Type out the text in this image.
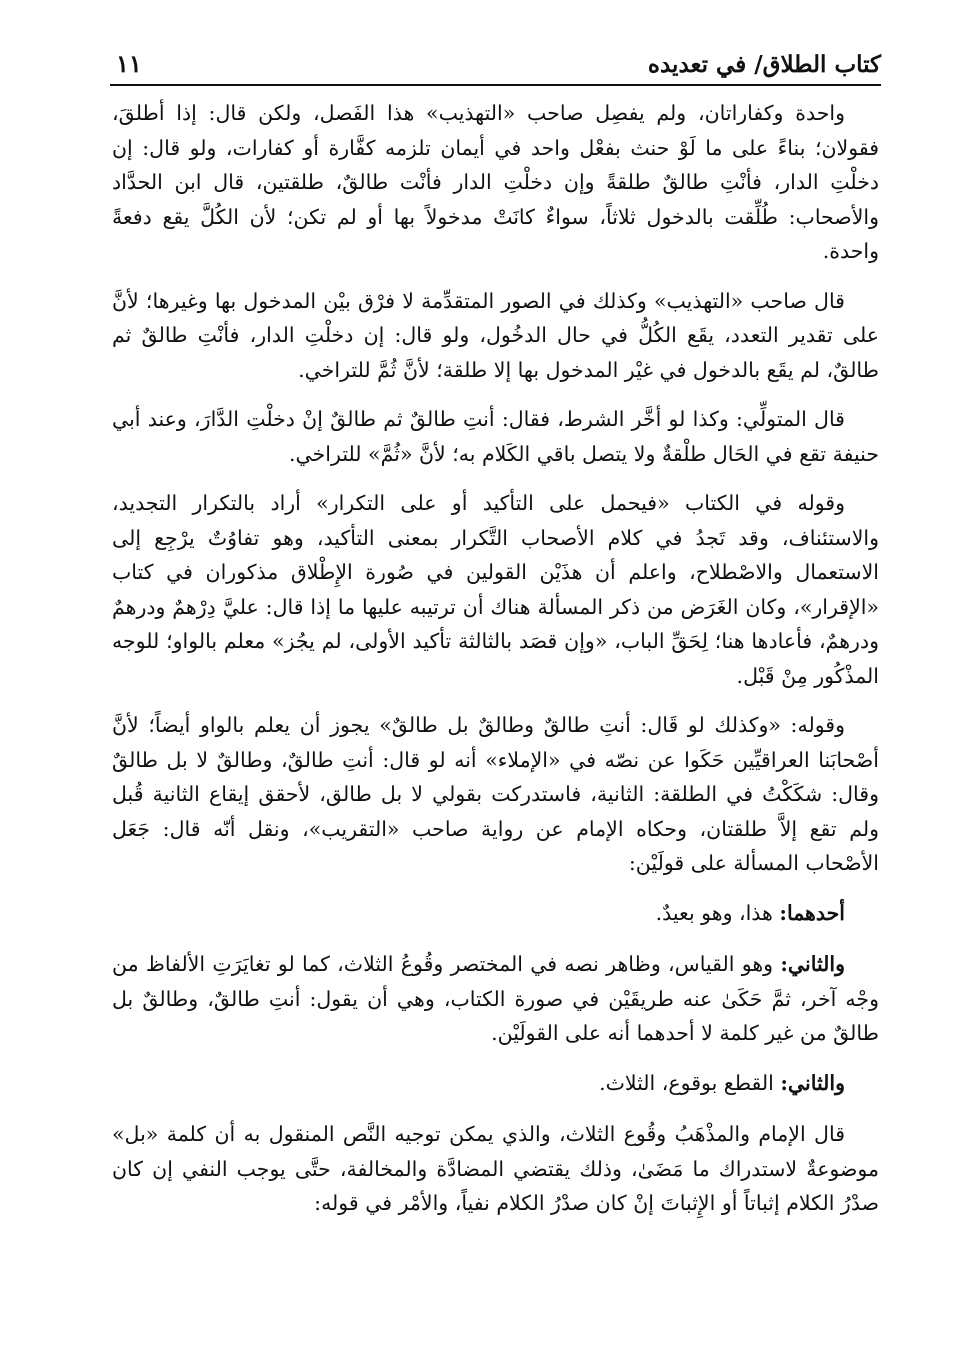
كتاب الطلاق/ في تعديده
١١

واحدة وكفاراتان، ولم يفصِل صاحب «التهذيب» هذا الفَصل، ولكن قال: إذا أطلقَ، فقولان؛ بناءً على ما لَوْ حنث بفعْل واحد في أيمان تلزمه كفَّارة أو كفارات، ولو قال: إن دخلْتِ الدار، فأنْتِ طالقٌ طلقةً وإن دخلْتِ الدار فأنْت طالقٌ، طلقتين، قال ابن الحدَّاد والأصحاب: طُلِّقت بالدخول ثلاثاً، سواءٌ كانَتْ مدخولاً بها أو لم تكن؛ لأن الكُلَّ يقع دفعةً واحدة.

قال صاحب «التهذيب» وكذلك في الصور المتقدِّمة لا فرْق بيْن المدخول بها وغيرها؛ لأنَّ على تقدير التعدد، يقَع الكُلُّ في حال الدخُول، ولو قال: إن دخلْتِ الدار، فأنْتِ طالقٌ ثم طالقٌ، لم يقَع بالدخول في غيْر المدخول بها إلا طلقة؛ لأنَّ ثُمَّ للتراخي.

قال المتولِّي: وكذا لو أخَّر الشرط، فقال: أنتِ طالقٌ ثم طالقٌ إنْ دخلْتِ الدَّارَ، وعند أبي حنيفة تقع في الحَال طلْقةٌ ولا يتصل باقي الكَلام به؛ لأنَّ «ثُمَّ» للتراخي.

وقوله في الكتاب «فيحمل على التأكيد أو على التكرار» أراد بالتكرار التجديد، والاستئناف، وقد تَجدُ في كلام الأصحاب التَّكرار بمعنى التأكيد، وهو تفاوُتٌ يرْجِع إلى الاستعمال والاصْطلاح، واعلم أن هذَيْن القولين في صُورة الإِطْلاق مذكوران في كتاب «الإقرار»، وكان الغَرَض من ذكر المسألة هناك أن ترتيبه عليها ما إذا قال: عليَّ دِرْهمٌ ودرهمٌ ودرهمٌ، فأعادها هنا؛ لِحَقِّ الباب، «وإن قصَد بالثالثة تأكيد الأولى، لم يجُز» معلم بالواو؛ للوجه المذْكُور مِنْ قَبْل.

وقوله: «وكذلك لو قَال: أنتِ طالقٌ وطالقٌ بل طالقٌ» يجوز أن يعلم بالواو أيضاً؛ لأنَّ أصْحابَنا العراقيِّين حَكَوا عن نصّه في «الإملاء» أنه لو قال: أنتِ طالقٌ، وطالقٌ لا بل طالقٌ وقال: شكَكْتُ في الطلقة: الثانية، فاستدركت بقولي لا بل طالق، لأحقق إيقاع الثانية قُبل ولم تقع إلاَّ طلقتان، وحكاه الإمام عن رواية صاحب «التقريب»، ونقل أنّه قال: جَعَل الأصْحاب المسألة على قولَيْن:

أحدهما: هذا، وهو بعيدٌ.

والثاني: وهو القياس، وظاهر نصه في المختصر وقُوعُ الثلاث، كما لو تغايَرَتِ الألفاظ من وجْه آخر، ثمَّ حَكَىٰ عنه طريقَيْن في صورة الكتاب، وهي أن يقول: أنتِ طالقٌ، وطالقٌ بل طالقٌ من غير كلمة لا أحدهما أنه على القولَيْن.

والثاني: القطع بوقوع، الثلاث.

قال الإمام والمذْهَبُ وقُوع الثلاث، والذي يمكن توجيه النَّص المنقول به أن كلمة «بل» موضوعةٌ لاستدراك ما مَضَىٰ، وذلك يقتضي المضادَّة والمخالفة، حتَّى يوجب النفي إن كان صدْرُ الكلام إثباتاً أو الإِثباتَ إنْ كان صدْرُ الكلام نفياً، والأمْر في قوله:
